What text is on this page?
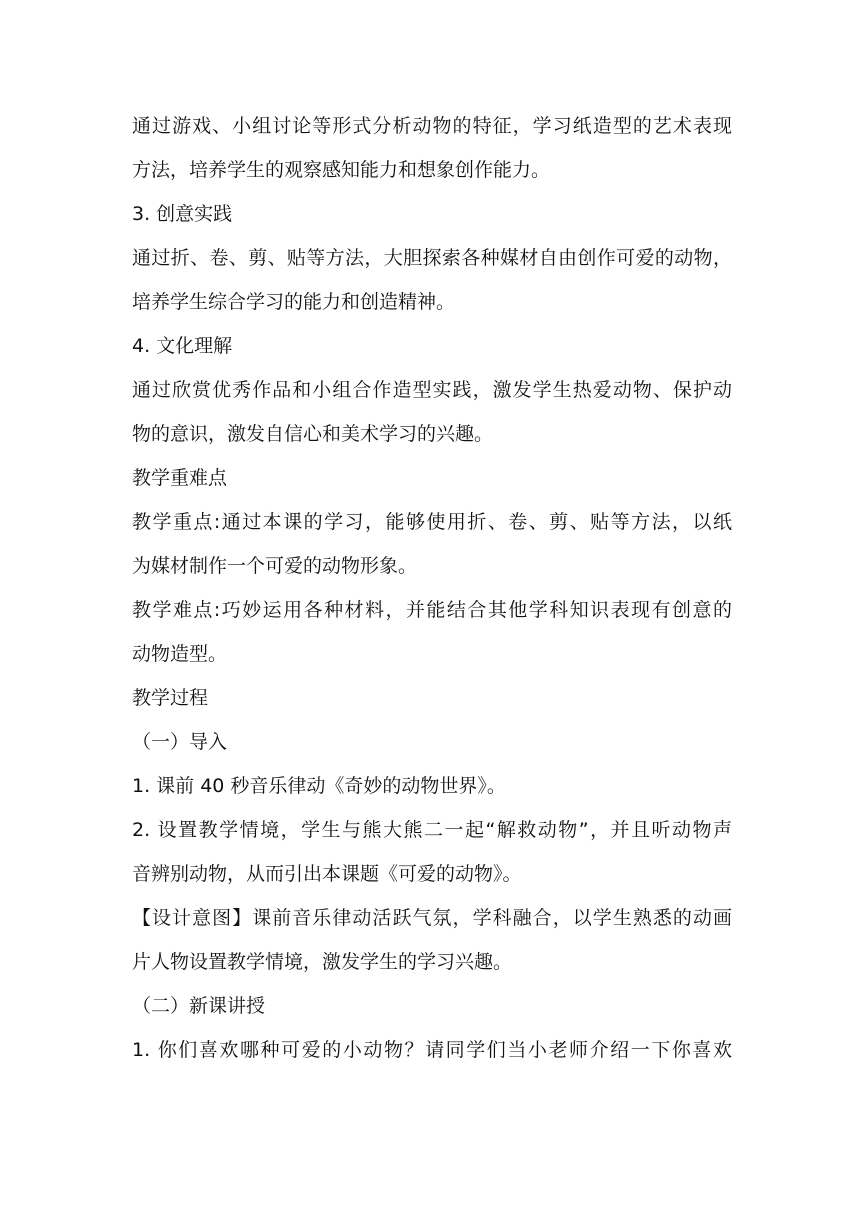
通过游戏、小组讨论等形式分析动物的特征，学习纸造型的艺术表现
方法，培养学生的观察感知能力和想象创作能力。
3. 创意实践
通过折、卷、剪、贴等方法，大胆探索各种媒材自由创作可爱的动物，
培养学生综合学习的能力和创造精神。
4. 文化理解
通过欣赏优秀作品和小组合作造型实践，激发学生热爱动物、保护动
物的意识，激发自信心和美术学习的兴趣。
教学重难点
教学重点:通过本课的学习，能够使用折、卷、剪、贴等方法，以纸
为媒材制作一个可爱的动物形象。
教学难点:巧妙运用各种材料，并能结合其他学科知识表现有创意的
动物造型。
教学过程
（一）导入
1. 课前 40 秒音乐律动《奇妙的动物世界》。
2. 设置教学情境，学生与熊大熊二一起“解救动物”，并且听动物声
音辨别动物，从而引出本课题《可爱的动物》。
【设计意图】课前音乐律动活跃气氛，学科融合，以学生熟悉的动画
片人物设置教学情境，激发学生的学习兴趣。
（二）新课讲授
1. 你们喜欢哪种可爱的小动物？请同学们当小老师介绍一下你喜欢
